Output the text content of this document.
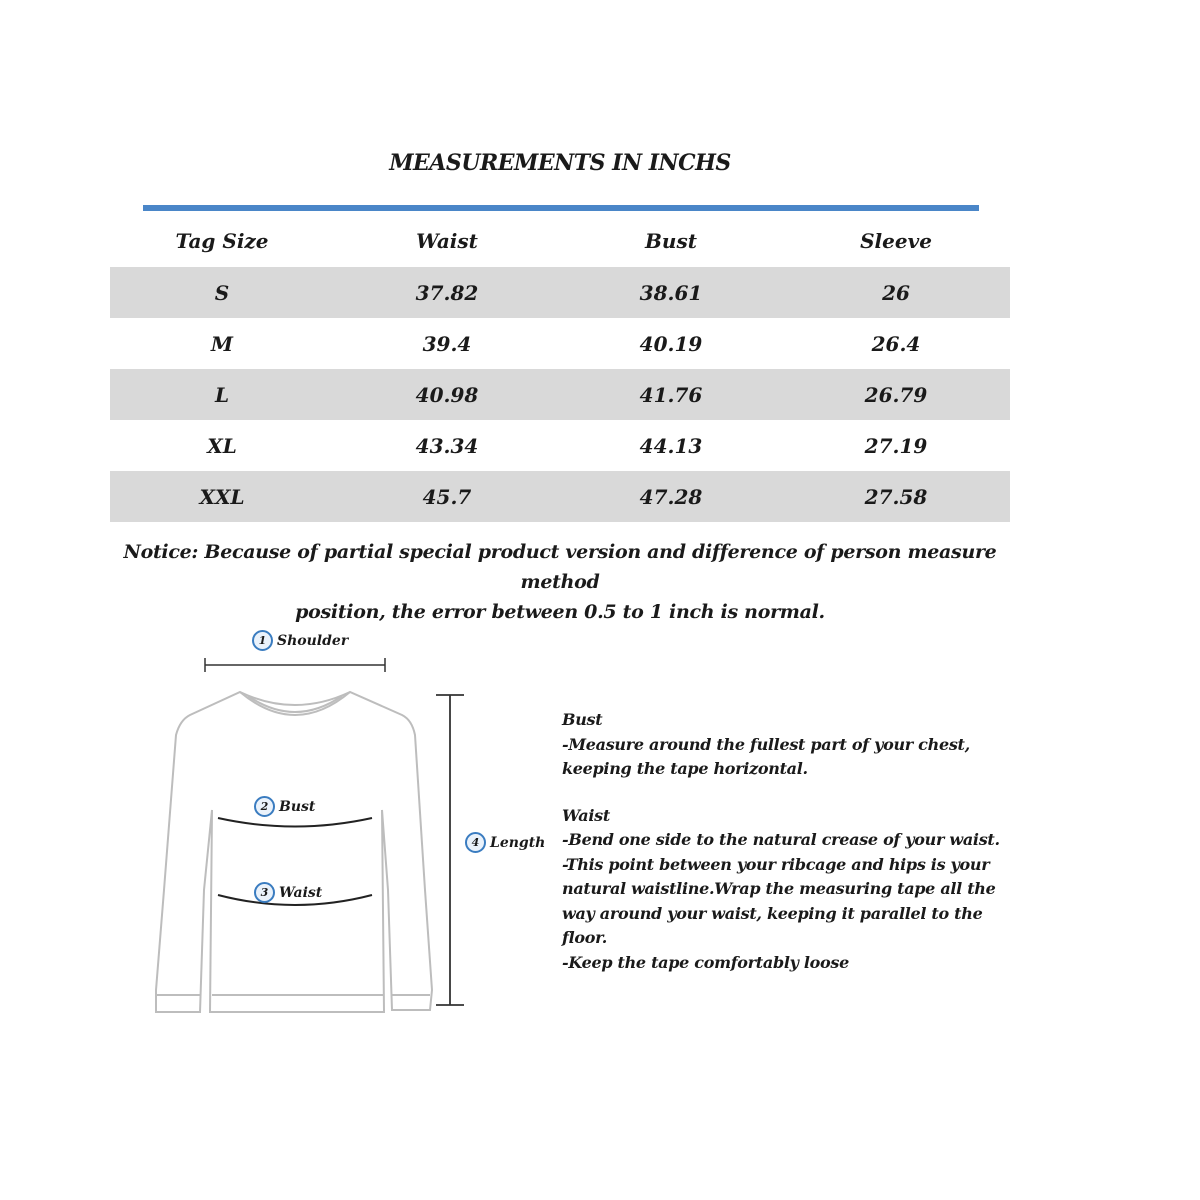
MEASUREMENTS IN INCHS
Tag Size	Waist	Bust	Sleeve
S	37.82	38.61	26
M	39.4	40.19	26.4
L	40.98	41.76	26.79
XL	43.34	44.13	27.19
XXL	45.7	47.28	27.58
Notice: Because of partial special product version and difference of person measure method
position, the error between 0.5 to 1 inch is normal.
1 Shoulder
2 Bust
3 Waist
4 Length
Bust
-Measure around the fullest part of your chest,
keeping the tape horizontal.
Waist
-Bend one side to the natural crease of your waist.
-This point between your ribcage and hips is your
natural waistline.Wrap the measuring tape all the
way around your waist, keeping it parallel to the
floor.
-Keep the tape comfortably loose
